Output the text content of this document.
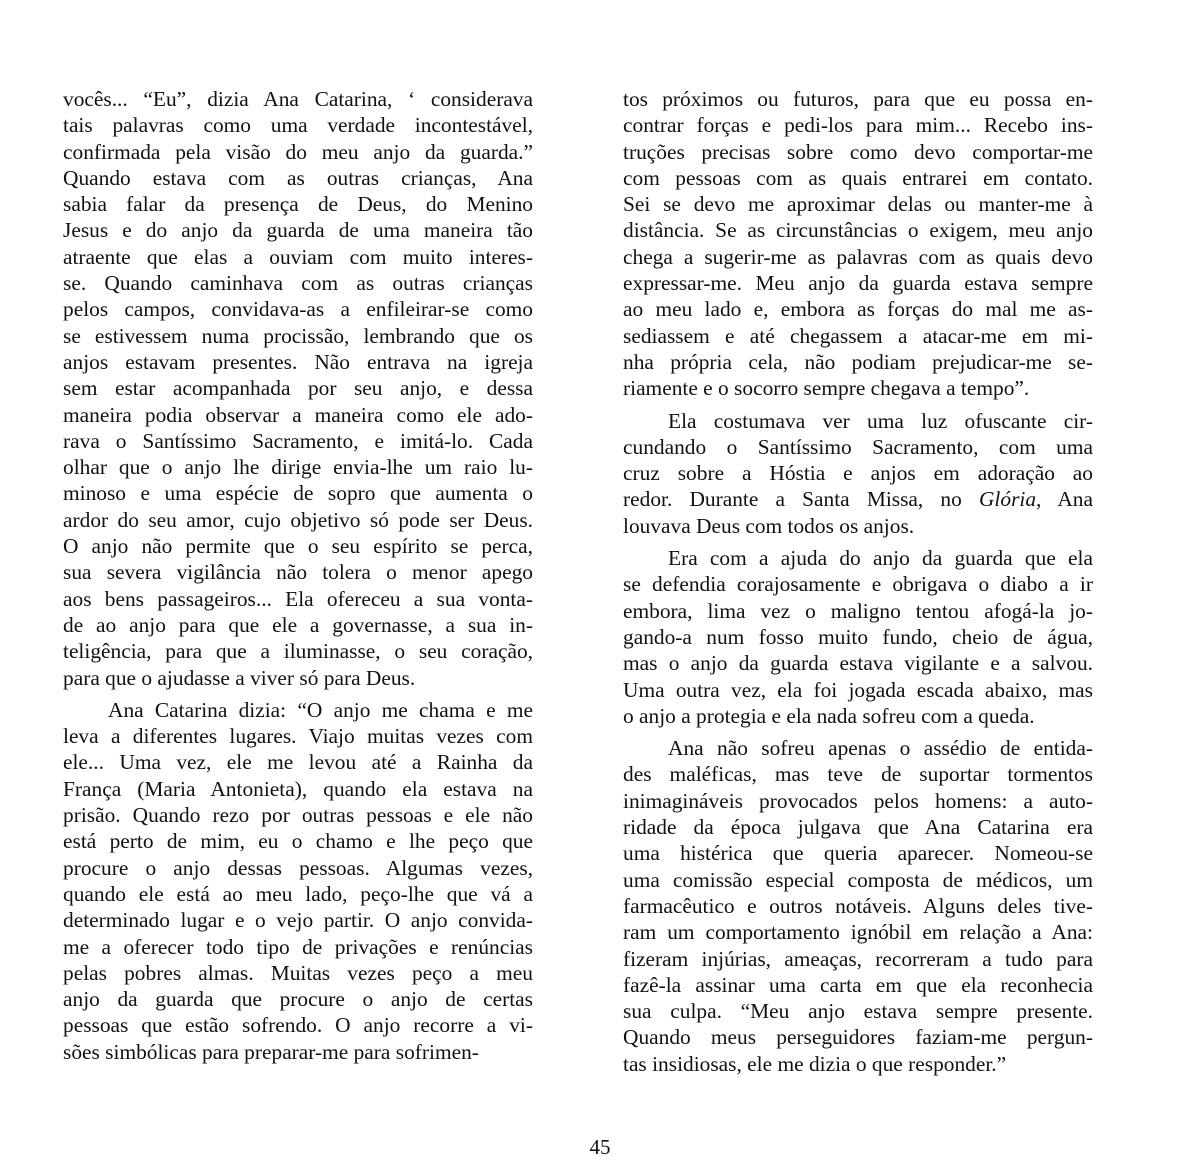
vocês... “Eu”, dizia Ana Catarina, ‘ considerava
tais palavras como uma verdade incontestável,
confirmada pela visão do meu anjo da guarda.”
Quando estava com as outras crianças, Ana
sabia falar da presença de Deus, do Menino
Jesus e do anjo da guarda de uma maneira tão
atraente que elas a ouviam com muito interes-
se. Quando caminhava com as outras crianças
pelos campos, convidava-as a enfileirar-se como
se estivessem numa procissão, lembrando que os
anjos estavam presentes. Não entrava na igreja
sem estar acompanhada por seu anjo, e dessa
maneira podia observar a maneira como ele ado-
rava o Santíssimo Sacramento, e imitá-lo. Cada
olhar que o anjo lhe dirige envia-lhe um raio lu-
minoso e uma espécie de sopro que aumenta o
ardor do seu amor, cujo objetivo só pode ser Deus.
O anjo não permite que o seu espírito se perca,
sua severa vigilância não tolera o menor apego
aos bens passageiros... Ela ofereceu a sua vonta-
de ao anjo para que ele a governasse, a sua in-
teligência, para que a iluminasse, o seu coração,
para que o ajudasse a viver só para Deus.
Ana Catarina dizia: “O anjo me chama e me
leva a diferentes lugares. Viajo muitas vezes com
ele... Uma vez, ele me levou até a Rainha da
França (Maria Antonieta), quando ela estava na
prisão. Quando rezo por outras pessoas e ele não
está perto de mim, eu o chamo e lhe peço que
procure o anjo dessas pessoas. Algumas vezes,
quando ele está ao meu lado, peço-lhe que vá a
determinado lugar e o vejo partir. O anjo convida-
me a oferecer todo tipo de privações e renúncias
pelas pobres almas. Muitas vezes peço a meu
anjo da guarda que procure o anjo de certas
pessoas que estão sofrendo. O anjo recorre a vi-
sões simbólicas para preparar-me para sofrimen-
tos próximos ou futuros, para que eu possa en-
contrar forças e pedi-los para mim... Recebo ins-
truções precisas sobre como devo comportar-me
com pessoas com as quais entrarei em contato.
Sei se devo me aproximar delas ou manter-me à
distância. Se as circunstâncias o exigem, meu anjo
chega a sugerir-me as palavras com as quais devo
expressar-me. Meu anjo da guarda estava sempre
ao meu lado e, embora as forças do mal me as-
sediassem e até chegassem a atacar-me em mi-
nha própria cela, não podiam prejudicar-me se-
riamente e o socorro sempre chegava a tempo”.
Ela costumava ver uma luz ofuscante cir-
cundando o Santíssimo Sacramento, com uma
cruz sobre a Hóstia e anjos em adoração ao
redor. Durante a Santa Missa, no Glória, Ana
louvava Deus com todos os anjos.
Era com a ajuda do anjo da guarda que ela
se defendia corajosamente e obrigava o diabo a ir
embora, lima vez o maligno tentou afogá-la jo-
gando-a num fosso muito fundo, cheio de água,
mas o anjo da guarda estava vigilante e a salvou.
Uma outra vez, ela foi jogada escada abaixo, mas
o anjo a protegia e ela nada sofreu com a queda.
Ana não sofreu apenas o assédio de entida-
des maléficas, mas teve de suportar tormentos
inimagináveis provocados pelos homens: a auto-
ridade da época julgava que Ana Catarina era
uma histérica que queria aparecer. Nomeou-se
uma comissão especial composta de médicos, um
farmacêutico e outros notáveis. Alguns deles tive-
ram um comportamento ignóbil em relação a Ana:
fizeram injúrias, ameaças, recorreram a tudo para
fazê-la assinar uma carta em que ela reconhecia
sua culpa. “Meu anjo estava sempre presente.
Quando meus perseguidores faziam-me pergun-
tas insidiosas, ele me dizia o que responder.”
45
